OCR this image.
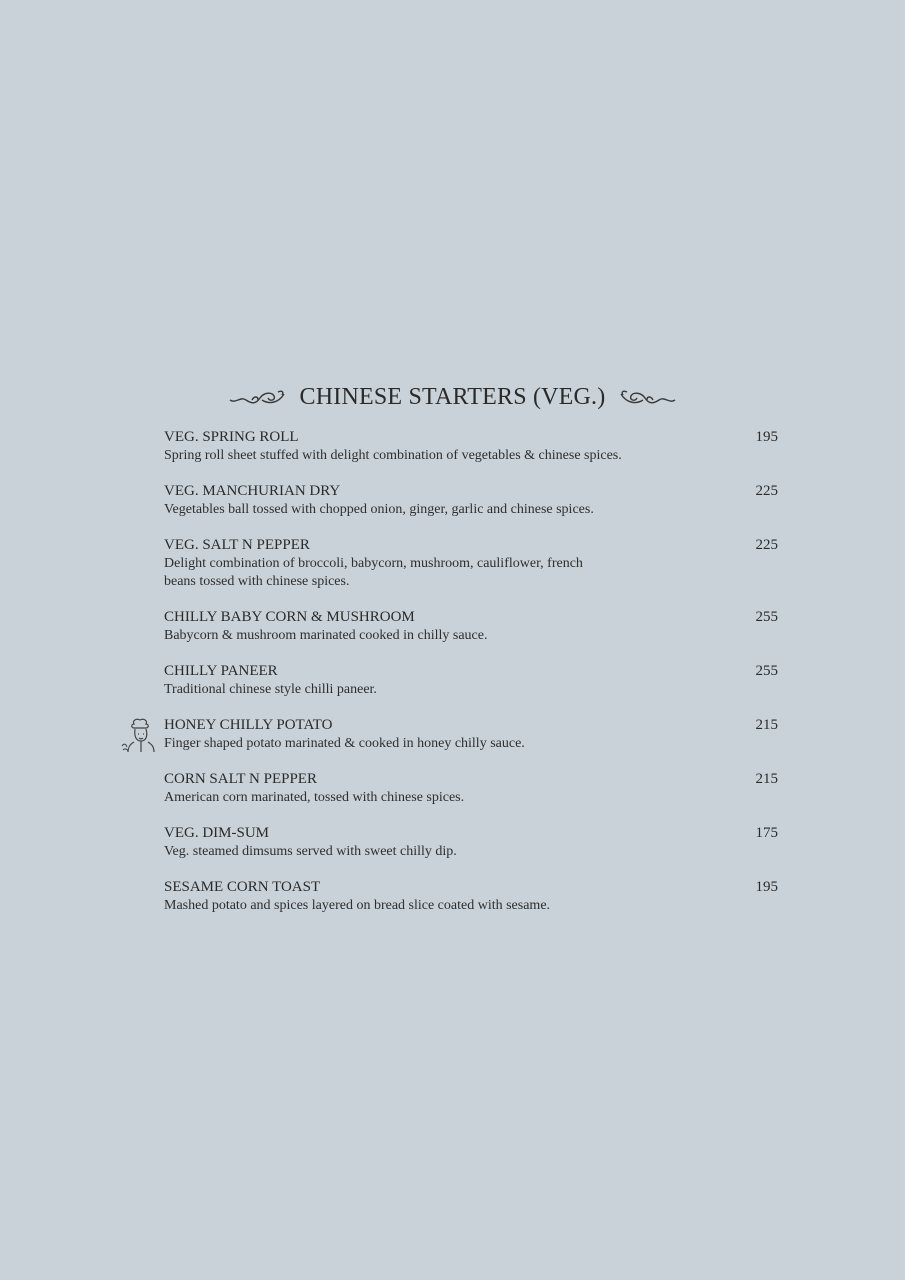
CHINESE STARTERS (VEG.)
VEG. SPRING ROLL
Spring roll sheet stuffed with delight combination of vegetables & chinese spices.
195
VEG. MANCHURIAN DRY
Vegetables ball tossed with chopped onion, ginger, garlic and chinese spices.
225
VEG. SALT N PEPPER
Delight combination of broccoli, babycorn, mushroom, cauliflower, french beans tossed with chinese spices.
225
CHILLY BABY CORN & MUSHROOM
Babycorn & mushroom marinated cooked in chilly sauce.
255
CHILLY PANEER
Traditional chinese style chilli paneer.
255
HONEY CHILLY POTATO
Finger shaped potato marinated & cooked in honey chilly sauce.
215
CORN SALT N PEPPER
American corn marinated, tossed with chinese spices.
215
VEG. DIM-SUM
Veg. steamed dimsums served with sweet chilly dip.
175
SESAME CORN TOAST
Mashed potato and spices layered on bread slice coated with sesame.
195
